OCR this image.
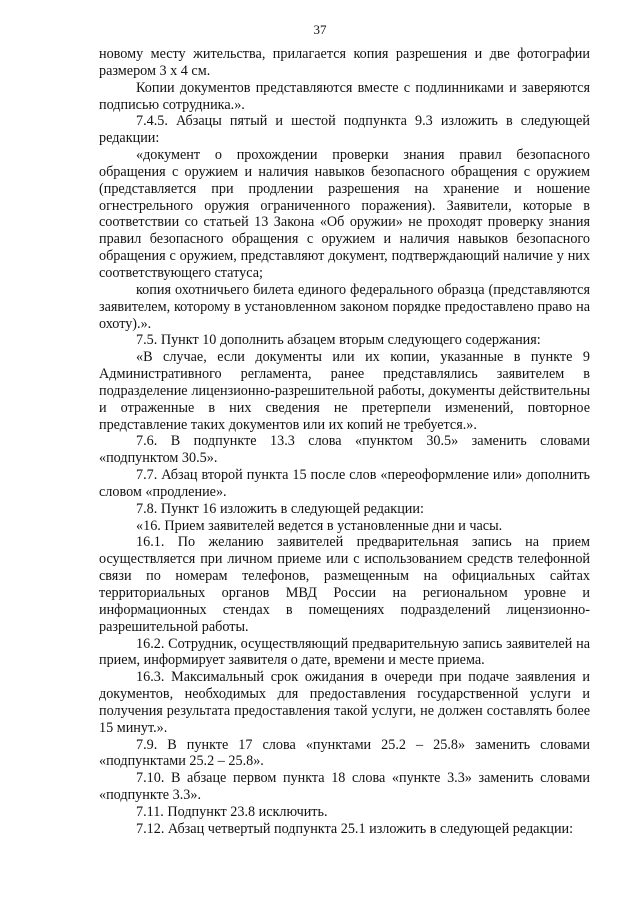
37

новому месту жительства, прилагается копия разрешения и две фотографии размером 3 х 4 см.

Копии документов представляются вместе с подлинниками и заверяются подписью сотрудника.».

7.4.5. Абзацы пятый и шестой подпункта 9.3 изложить в следующей редакции:

«документ о прохождении проверки знания правил безопасного обращения с оружием и наличия навыков безопасного обращения с оружием (представляется при продлении разрешения на хранение и ношение огнестрельного оружия ограниченного поражения). Заявители, которые в соответствии со статьей 13 Закона «Об оружии» не проходят проверку знания правил безопасного обращения с оружием и наличия навыков безопасного обращения с оружием, представляют документ, подтверждающий наличие у них соответствующего статуса;

копия охотничьего билета единого федерального образца (представляются заявителем, которому в установленном законом порядке предоставлено право на охоту).».

7.5. Пункт 10 дополнить абзацем вторым следующего содержания:

«В случае, если документы или их копии, указанные в пункте 9 Административного регламента, ранее представлялись заявителем в подразделение лицензионно-разрешительной работы, документы действительны и отраженные в них сведения не претерпели изменений, повторное представление таких документов или их копий не требуется.».

7.6. В подпункте 13.3 слова «пунктом 30.5» заменить словами «подпунктом 30.5».

7.7. Абзац второй пункта 15 после слов «переоформление или» дополнить словом «продление».

7.8. Пункт 16 изложить в следующей редакции:

«16. Прием заявителей ведется в установленные дни и часы.

16.1. По желанию заявителей предварительная запись на прием осуществляется при личном приеме или с использованием средств телефонной связи по номерам телефонов, размещенным на официальных сайтах территориальных органов МВД России на региональном уровне и информационных стендах в помещениях подразделений лицензионно-разрешительной работы.

16.2. Сотрудник, осуществляющий предварительную запись заявителей на прием, информирует заявителя о дате, времени и месте приема.

16.3. Максимальный срок ожидания в очереди при подаче заявления и документов, необходимых для предоставления государственной услуги и получения результата предоставления такой услуги, не должен составлять более 15 минут.».

7.9. В пункте 17 слова «пунктами 25.2 – 25.8» заменить словами «подпунктами 25.2 – 25.8».

7.10. В абзаце первом пункта 18 слова «пункте 3.3» заменить словами «подпункте 3.3».

7.11. Подпункт 23.8 исключить.

7.12. Абзац четвертый подпункта 25.1 изложить в следующей редакции:
